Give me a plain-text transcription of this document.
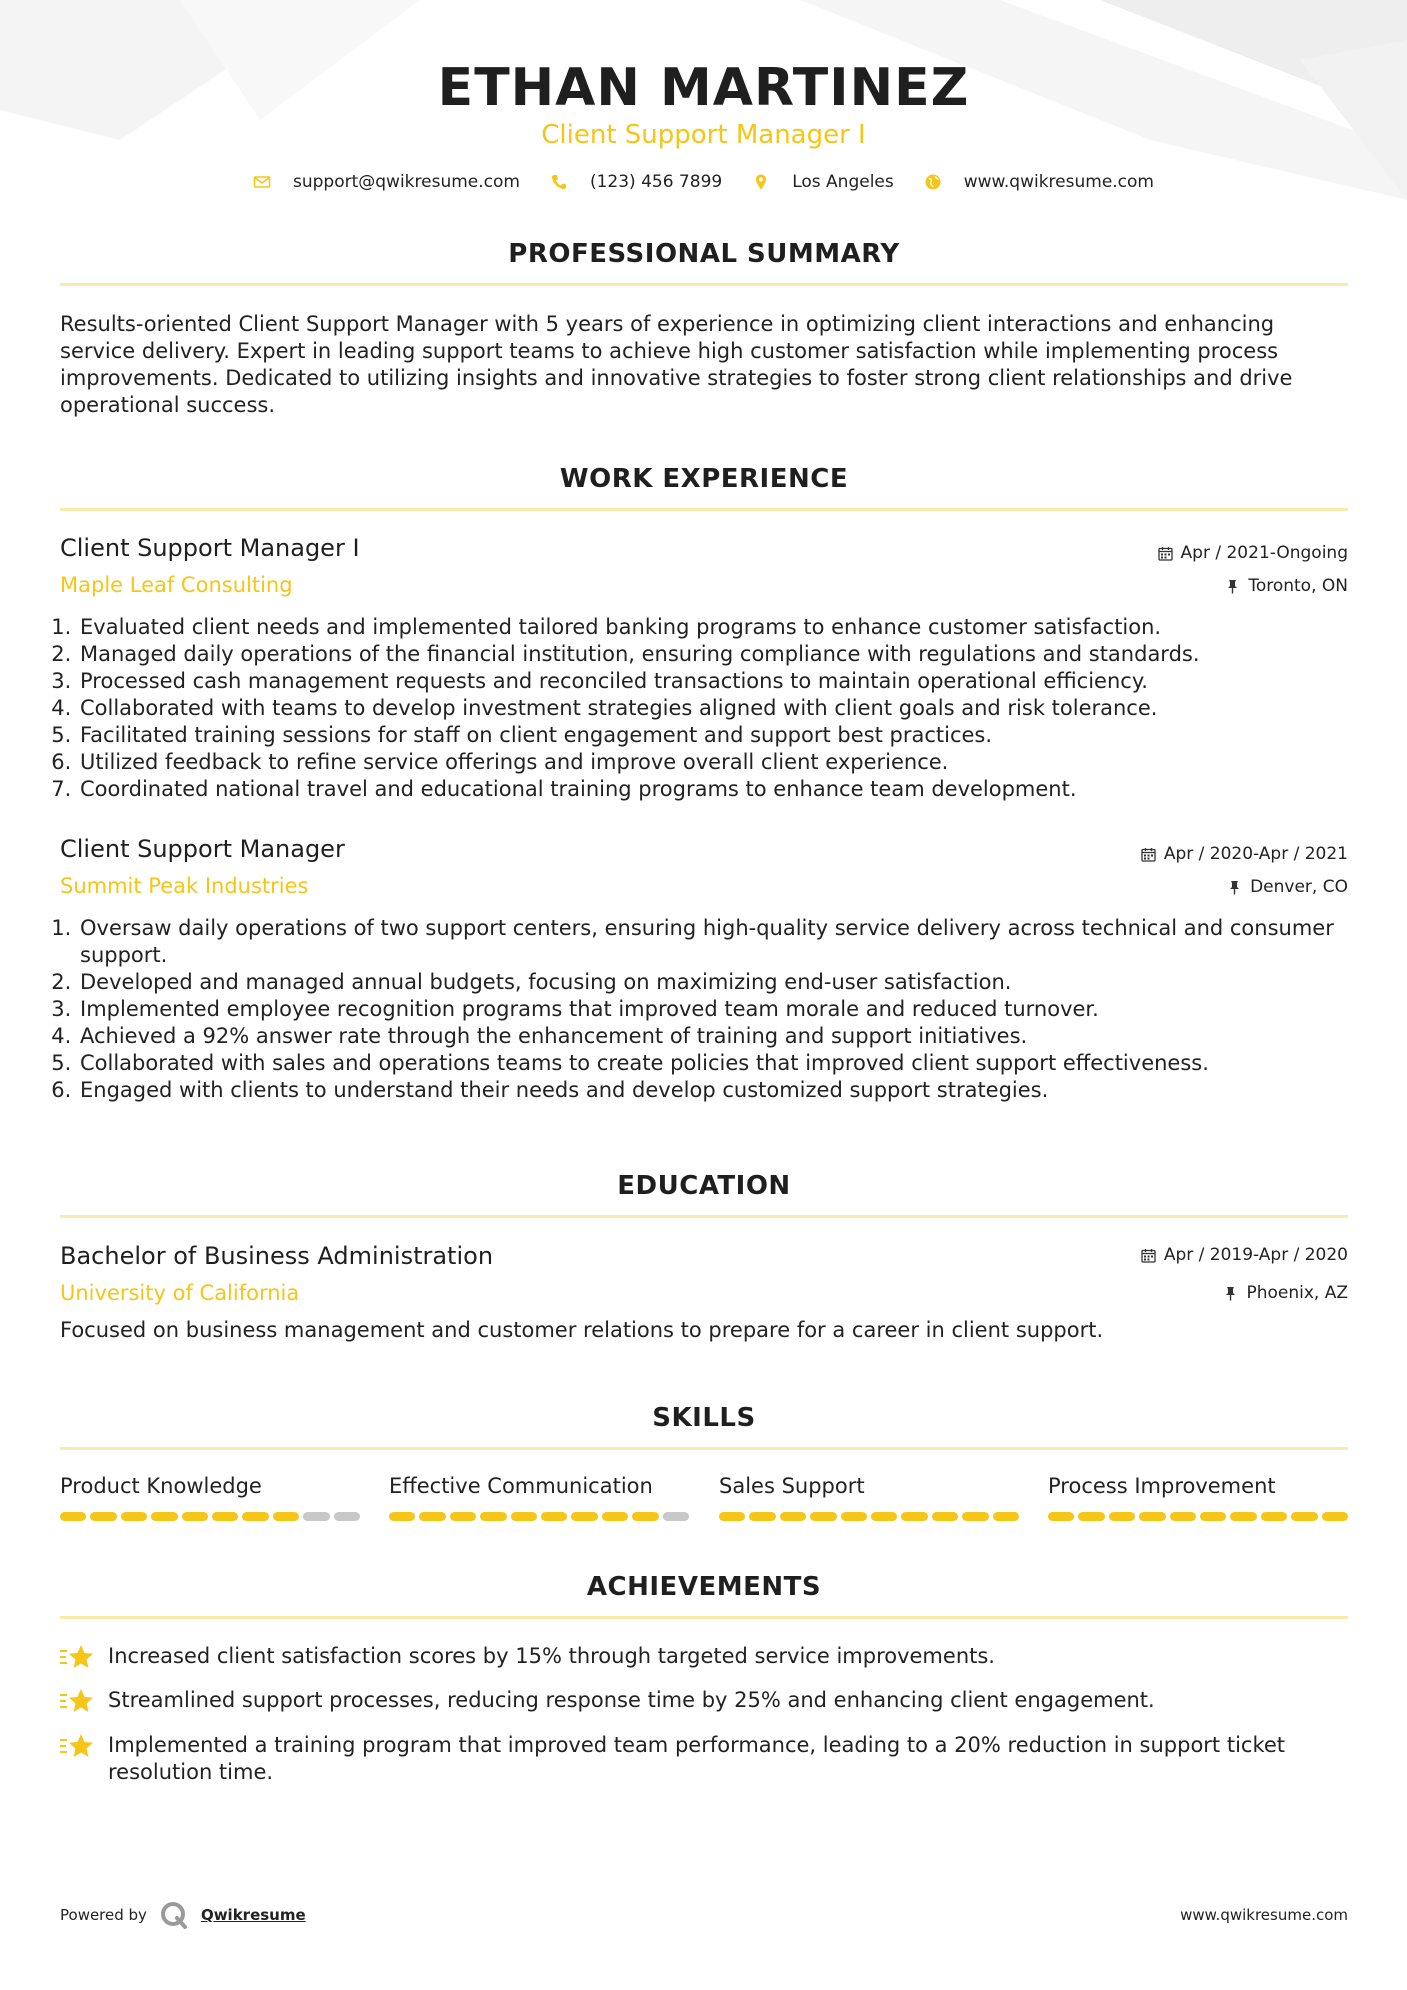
ETHAN MARTINEZ
Client Support Manager I
support@qwikresume.com	(123) 456 7899	Los Angeles	www.qwikresume.com
PROFESSIONAL SUMMARY
Results-oriented Client Support Manager with 5 years of experience in optimizing client interactions and enhancing service delivery. Expert in leading support teams to achieve high customer satisfaction while implementing process improvements. Dedicated to utilizing insights and innovative strategies to foster strong client relationships and drive operational success.
WORK EXPERIENCE
Client Support Manager I	Apr / 2021-Ongoing
Maple Leaf Consulting	Toronto, ON
1. Evaluated client needs and implemented tailored banking programs to enhance customer satisfaction.
2. Managed daily operations of the financial institution, ensuring compliance with regulations and standards.
3. Processed cash management requests and reconciled transactions to maintain operational efficiency.
4. Collaborated with teams to develop investment strategies aligned with client goals and risk tolerance.
5. Facilitated training sessions for staff on client engagement and support best practices.
6. Utilized feedback to refine service offerings and improve overall client experience.
7. Coordinated national travel and educational training programs to enhance team development.
Client Support Manager	Apr / 2020-Apr / 2021
Summit Peak Industries	Denver, CO
1. Oversaw daily operations of two support centers, ensuring high-quality service delivery across technical and consumer support.
2. Developed and managed annual budgets, focusing on maximizing end-user satisfaction.
3. Implemented employee recognition programs that improved team morale and reduced turnover.
4. Achieved a 92% answer rate through the enhancement of training and support initiatives.
5. Collaborated with sales and operations teams to create policies that improved client support effectiveness.
6. Engaged with clients to understand their needs and develop customized support strategies.
EDUCATION
Bachelor of Business Administration	Apr / 2019-Apr / 2020
University of California	Phoenix, AZ
Focused on business management and customer relations to prepare for a career in client support.
SKILLS
Product Knowledge	Effective Communication	Sales Support	Process Improvement
ACHIEVEMENTS
Increased client satisfaction scores by 15% through targeted service improvements.
Streamlined support processes, reducing response time by 25% and enhancing client engagement.
Implemented a training program that improved team performance, leading to a 20% reduction in support ticket resolution time.
Powered by	Qwikresume	www.qwikresume.com
